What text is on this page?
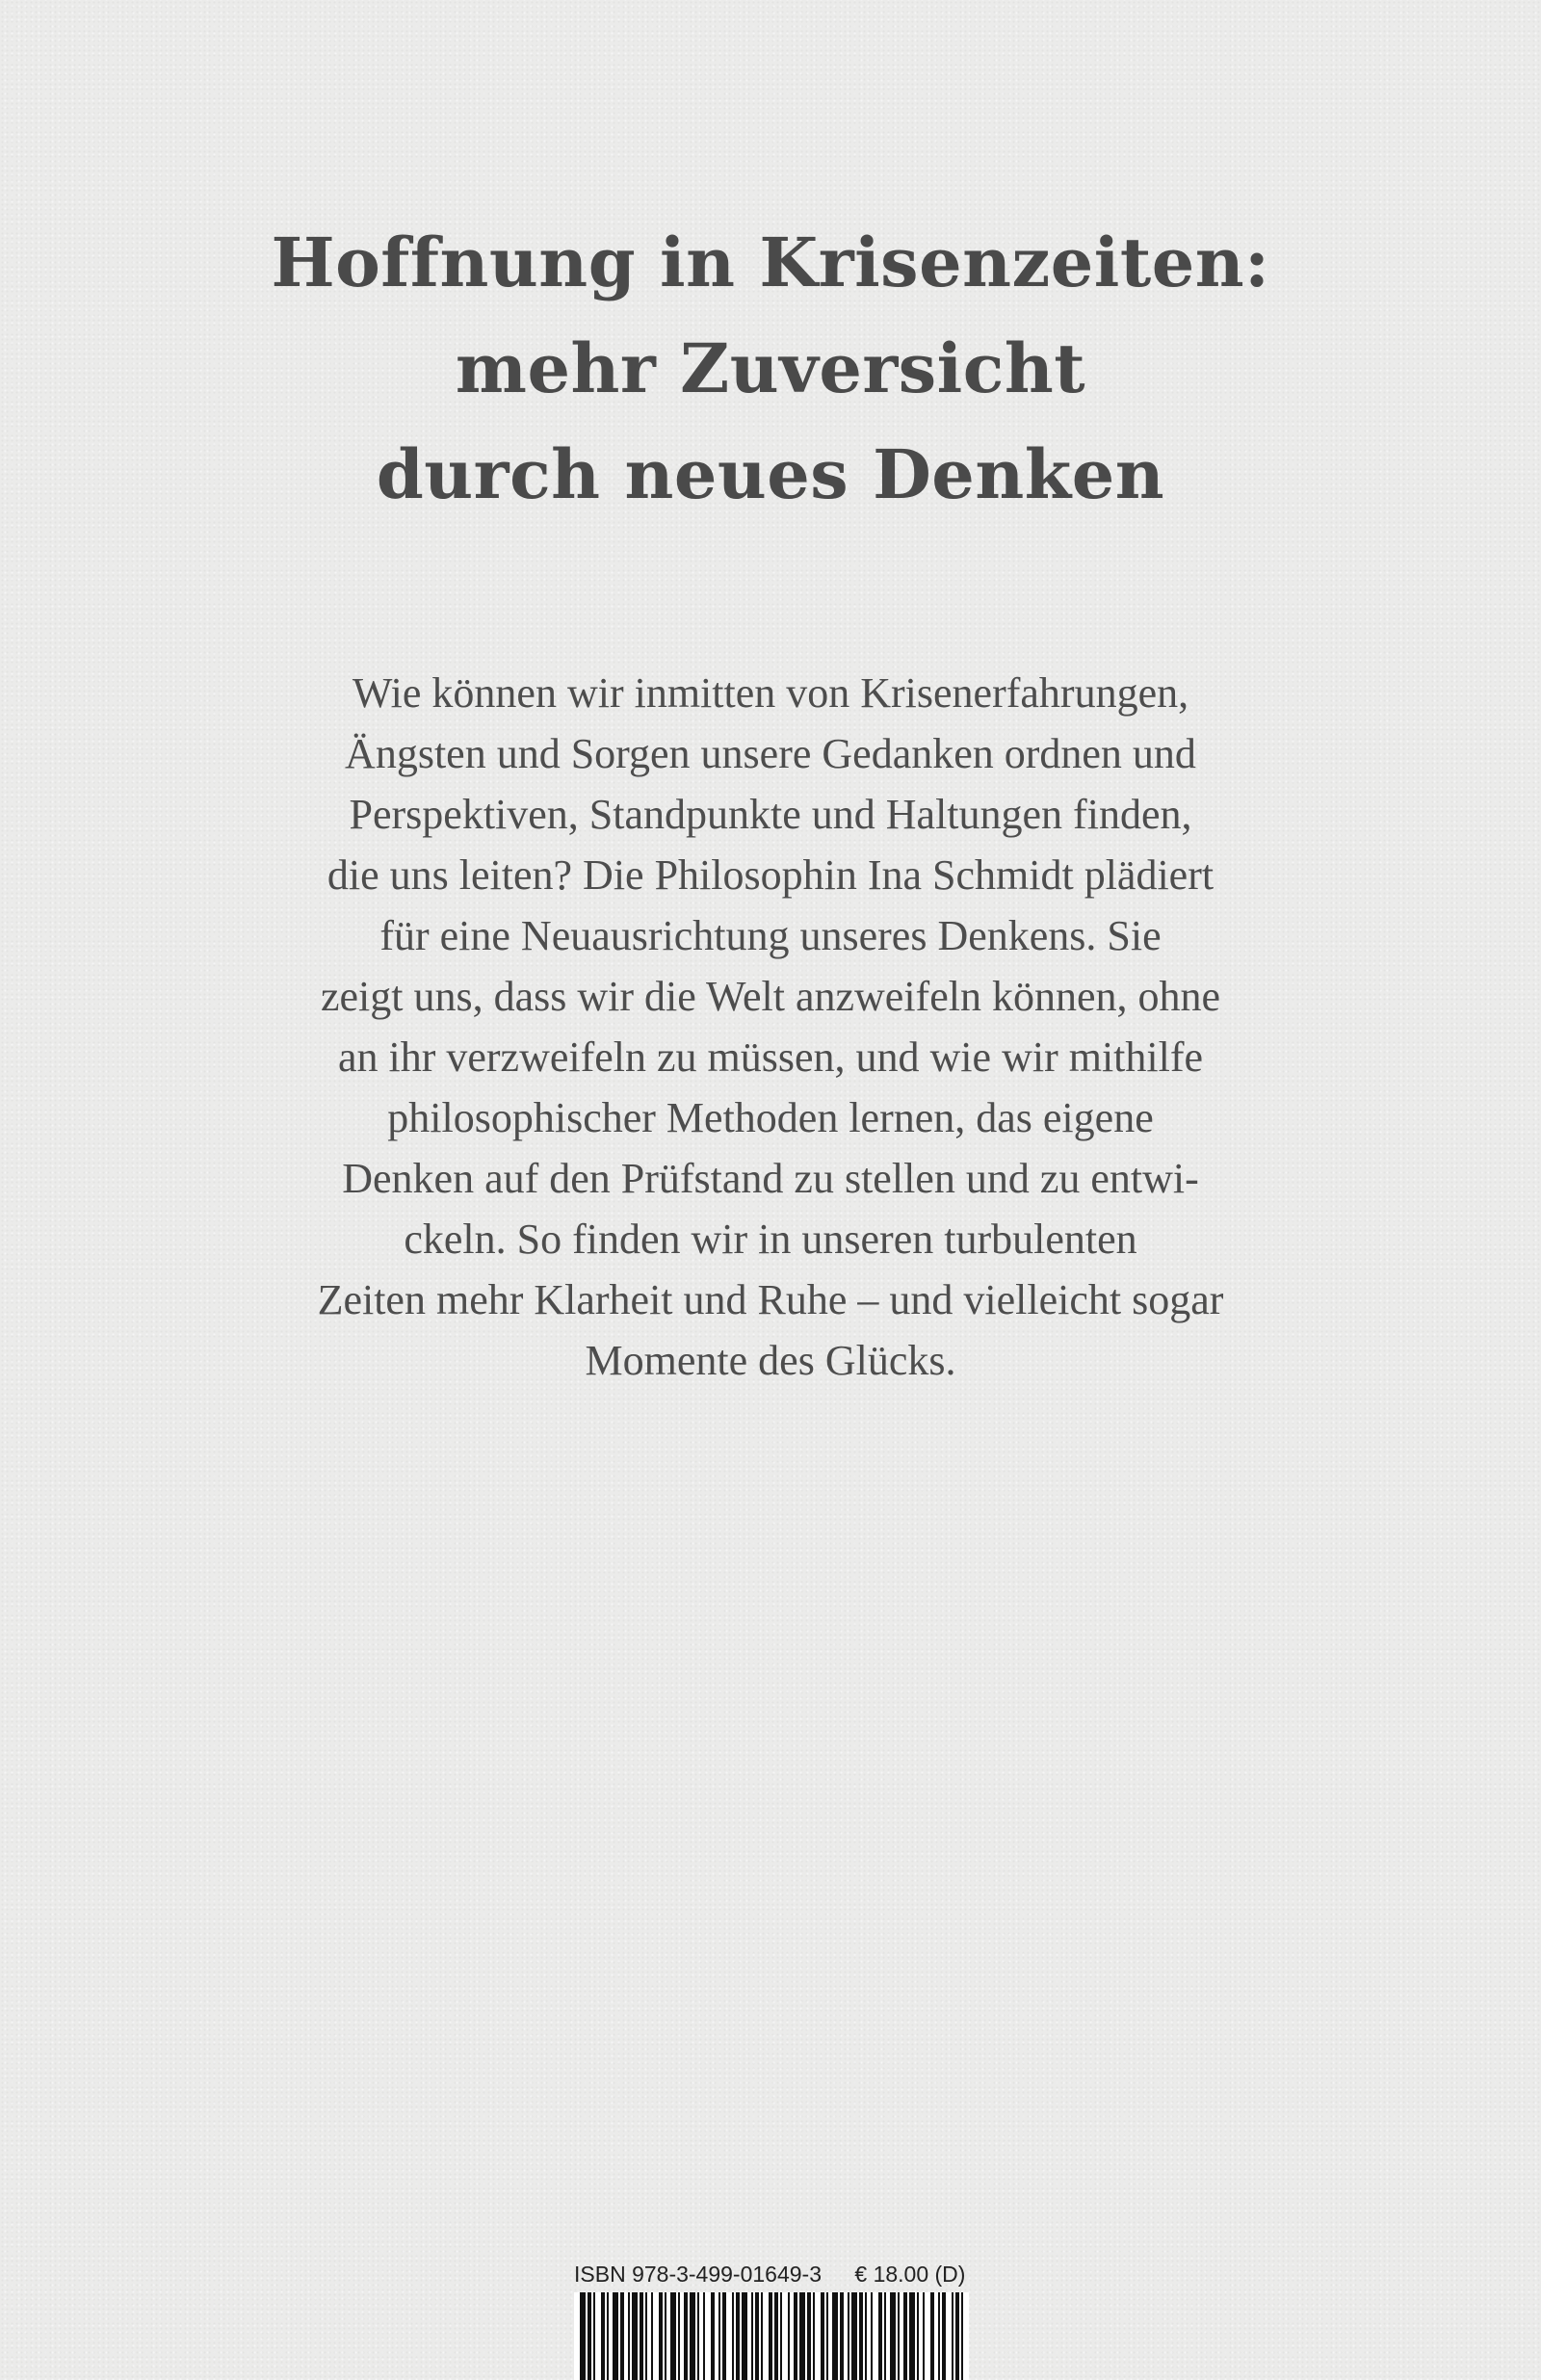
Hoffnung in Krisenzeiten:
mehr Zuversicht
durch neues Denken
Wie können wir inmitten von Krisenerfahrungen,
Ängsten und Sorgen unsere Gedanken ordnen und
Perspektiven, Standpunkte und Haltungen finden,
die uns leiten? Die Philosophin Ina Schmidt plädiert
für eine Neuausrichtung unseres Denkens. Sie
zeigt uns, dass wir die Welt anzweifeln können, ohne
an ihr verzweifeln zu müssen, und wie wir mithilfe
philosophischer Methoden lernen, das eigene
Denken auf den Prüfstand zu stellen und zu entwi-
ckeln. So finden wir in unseren turbulenten
Zeiten mehr Klarheit und Ruhe – und vielleicht sogar
Momente des Glücks.
ISBN 978-3-499-01649-3 € 18.00 (D)
